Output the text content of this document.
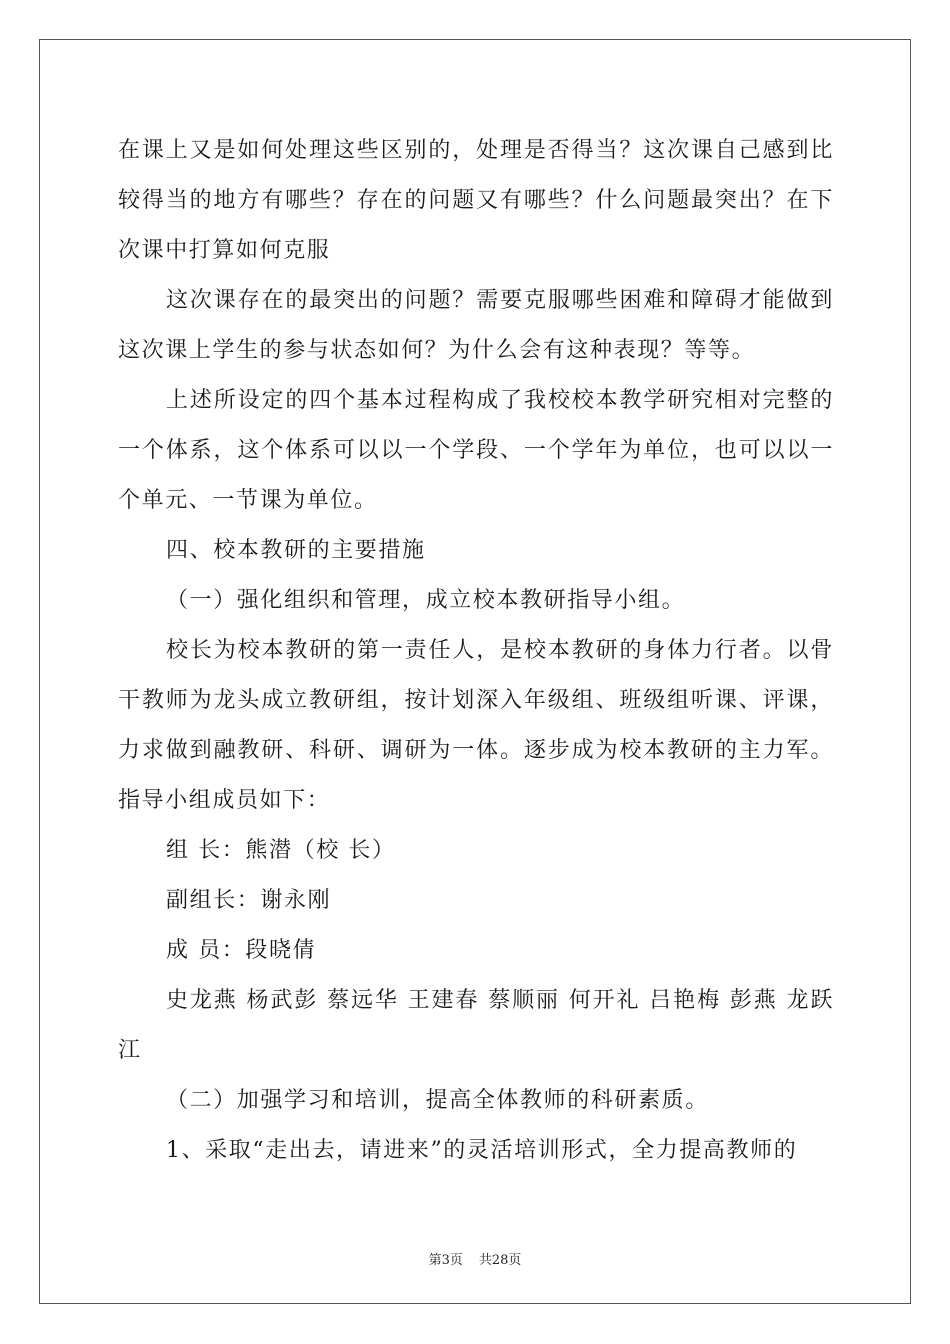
在课上又是如何处理这些区别的，处理是否得当？这次课自己感到比较得当的地方有哪些？存在的问题又有哪些？什么问题最突出？在下次课中打算如何克服

这次课存在的最突出的问题？需要克服哪些困难和障碍才能做到这次课上学生的参与状态如何？为什么会有这种表现？等等。

上述所设定的四个基本过程构成了我校校本教学研究相对完整的一个体系，这个体系可以以一个学段、一个学年为单位，也可以以一个单元、一节课为单位。

四、校本教研的主要措施

（一）强化组织和管理，成立校本教研指导小组。

校长为校本教研的第一责任人，是校本教研的身体力行者。以骨干教师为龙头成立教研组，按计划深入年级组、班级组听课、评课，力求做到融教研、科研、调研为一体。逐步成为校本教研的主力军。指导小组成员如下：

组 长：熊潜（校 长）

副组长：谢永刚

成 员：段晓倩

史龙燕 杨武彭 蔡远华 王建春 蔡顺丽 何开礼 吕艳梅 彭燕 龙跃江

（二）加强学习和培训，提高全体教师的科研素质。

1、采取“走出去，请进来”的灵活培训形式，全力提高教师的

第3页 共28页
